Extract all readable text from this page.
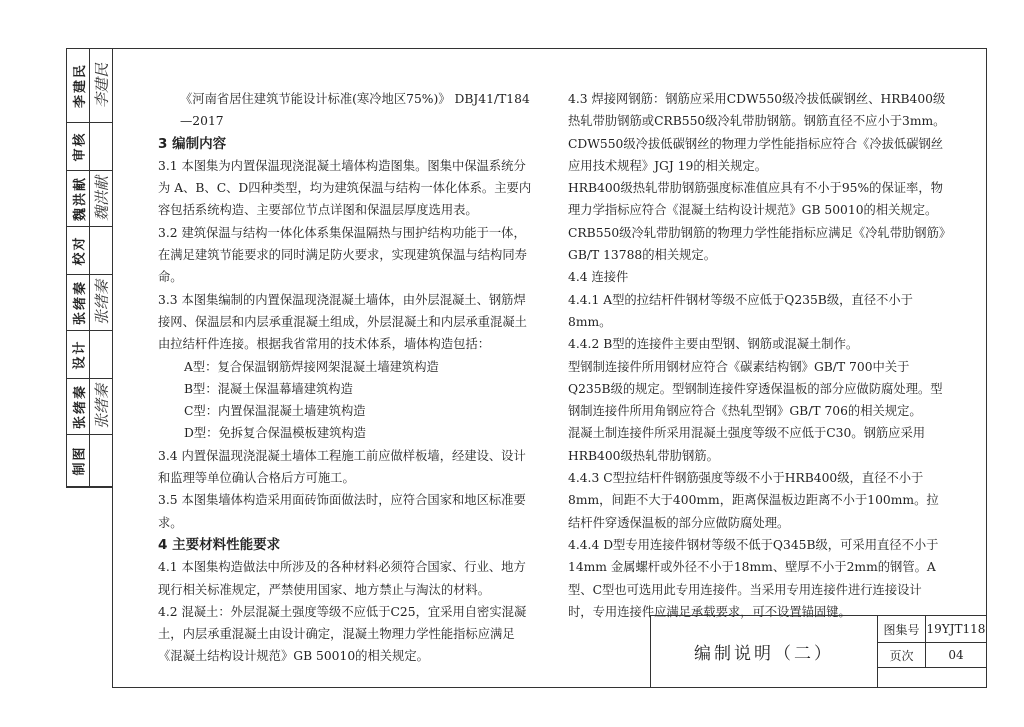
李建民 李建民
审核
魏洪献 魏洪献
校对
张绪秦 张绪秦
设计
张绪秦 张绪秦
制图

《河南省居住建筑节能设计标准(寒冷地区75%)》 DBJ41/T184—2017

3 编制内容

3.1 本图集为内置保温现浇混凝土墙体构造图集。图集中保温系统分为 A、B、C、D四种类型，均为建筑保温与结构一体化体系。主要内容包括系统构造、主要部位节点详图和保温层厚度选用表。

3.2 建筑保温与结构一体化体系集保温隔热与围护结构功能于一体，在满足建筑节能要求的同时满足防火要求，实现建筑保温与结构同寿命。

3.3 本图集编制的内置保温现浇混凝土墙体，由外层混凝土、钢筋焊接网、保温层和内层承重混凝土组成，外层混凝土和内层承重混凝土由拉结杆件连接。根据我省常用的技术体系，墙体构造包括：

A型：复合保温钢筋焊接网架混凝土墙建筑构造

B型：混凝土保温幕墙建筑构造

C型：内置保温混凝土墙建筑构造

D型：免拆复合保温模板建筑构造

3.4 内置保温现浇混凝土墙体工程施工前应做样板墙，经建设、设计和监理等单位确认合格后方可施工。

3.5 本图集墙体构造采用面砖饰面做法时，应符合国家和地区标准要求。

4 主要材料性能要求

4.1 本图集构造做法中所涉及的各种材料必须符合国家、行业、地方现行相关标准规定，严禁使用国家、地方禁止与淘汰的材料。

4.2 混凝土：外层混凝土强度等级不应低于C25，宜采用自密实混凝土，内层承重混凝土由设计确定，混凝土物理力学性能指标应满足《混凝土结构设计规范》GB 50010的相关规定。

4.3 焊接网钢筋：钢筋应采用CDW550级冷拔低碳钢丝、HRB400级热轧带肋钢筋或CRB550级冷轧带肋钢筋。钢筋直径不应小于3mm。

CDW550级冷拔低碳钢丝的物理力学性能指标应符合《冷拔低碳钢丝应用技术规程》JGJ 19的相关规定。

HRB400级热轧带肋钢筋强度标准值应具有不小于95%的保证率，物理力学指标应符合《混凝土结构设计规范》GB 50010的相关规定。

CRB550级冷轧带肋钢筋的物理力学性能指标应满足《冷轧带肋钢筋》GB/T 13788的相关规定。

4.4 连接件

4.4.1 A型的拉结杆件钢材等级不应低于Q235B级，直径不小于8mm。

4.4.2 B型的连接件主要由型钢、钢筋或混凝土制作。

型钢制连接件所用钢材应符合《碳素结构钢》GB/T 700中关于Q235B级的规定。型钢制连接件穿透保温板的部分应做防腐处理。型钢制连接件所用角钢应符合《热轧型钢》GB/T 706的相关规定。

混凝土制连接件所采用混凝土强度等级不应低于C30。钢筋应采用HRB400级热轧带肋钢筋。

4.4.3 C型拉结杆件钢筋强度等级不小于HRB400级，直径不小于8mm，间距不大于400mm，距离保温板边距离不小于100mm。拉结杆件穿透保温板的部分应做防腐处理。

4.4.4 D型专用连接件钢材等级不低于Q345B级，可采用直径不小于14mm 金属螺杆或外径不小于18mm、壁厚不小于2mm的钢管。A型、C型也可选用此专用连接件。当采用专用连接件进行连接设计时，专用连接件应满足承载要求，可不设置锚固键。

编制说明（二）
图集号 19YJT118
页次	04
